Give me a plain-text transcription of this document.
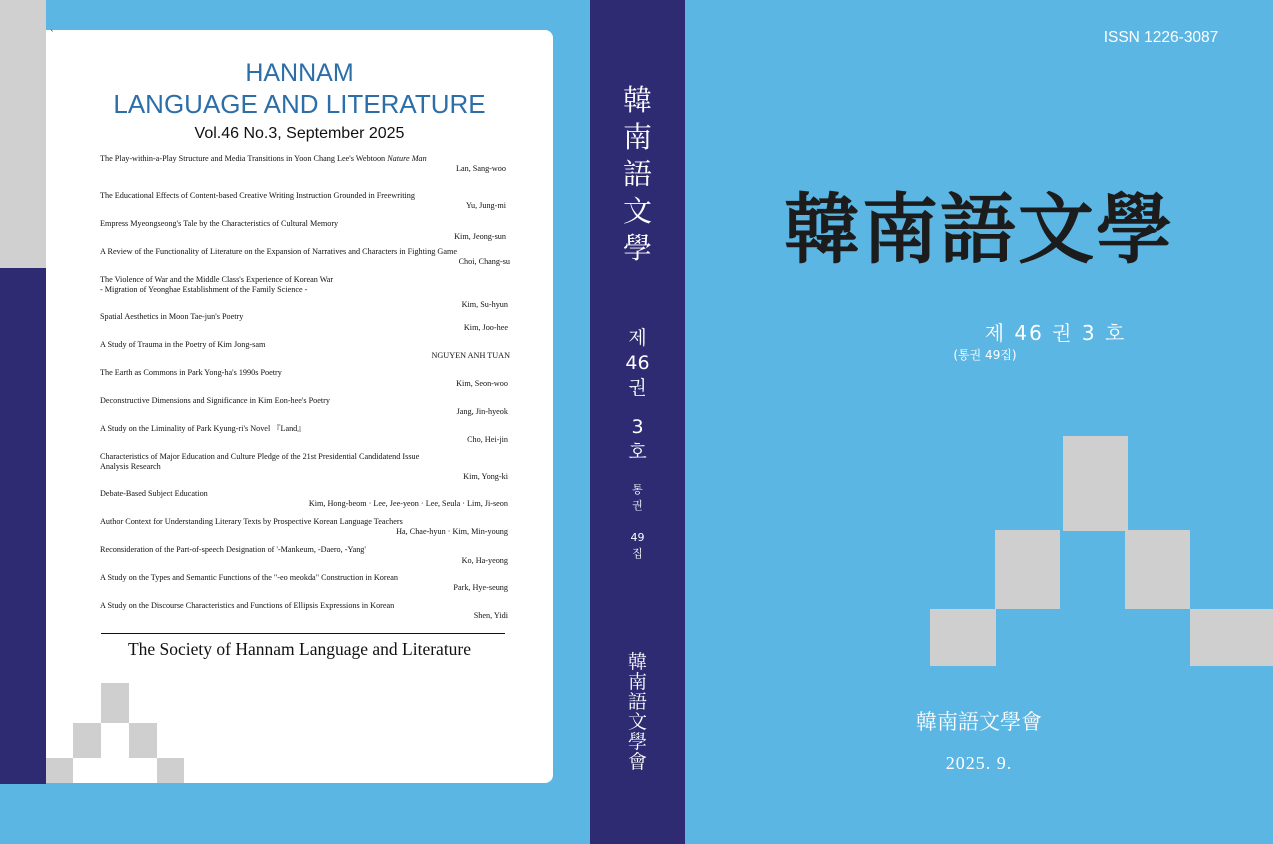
`
HANNAM
LANGUAGE AND LITERATURE
Vol.46 No.3, September 2025
The Play-within-a-Play Structure and Media Transitions in Yoon Chang Lee's Webtoon Nature Man
Lan, Sang-woo
The Educational Effects of Content-based Creative Writing Instruction Grounded in Freewriting
Yu, Jung-mi
Empress Myeongseong's Tale by the Characteristics of Cultural Memory
Kim, Jeong-sun
A Review of the Functionality of Literature on the Expansion of Narratives and Characters in Fighting Game
Choi, Chang-su
The Violence of War and the Middle Class's Experience of Korean War
- Migration of Yeonghae Establishment of the Family Science -
Kim, Su-hyun
Spatial Aesthetics in Moon Tae-jun's Poetry
Kim, Joo-hee
A Study of Trauma in the Poetry of Kim Jong-sam
NGUYEN ANH TUAN
The Earth as Commons in Park Yong-ha's 1990s Poetry
Kim, Seon-woo
Deconstructive Dimensions and Significance in Kim Eon-hee's Poetry
Jang, Jin-hyeok
A Study on the Liminality of Park Kyung-ri's Novel 『Land』
Cho, Hei-jin
Characteristics of Major Education and Culture Pledge of the 21st Presidential Candidatend Issue
Analysis Research
Kim, Yong-ki
Debate-Based Subject Education
Kim, Hong-beom · Lee, Jee-yeon · Lee, Seula · Lim, Ji-seon
Author Context for Understanding Literary Texts by Prospective Korean Language Teachers
Ha, Chae-hyun · Kim, Min-young
Reconsideration of the Part-of-speech Designation of '-Mankeum, -Daero, -Yang'
Ko, Ha-yeong
A Study on the Types and Semantic Functions of the "-eo meokda" Construction in Korean
Park, Hye-seung
A Study on the Discourse Characteristics and Functions of Ellipsis Expressions in Korean
Shen, Yidi
The Society of Hannam Language and Literature
韓
南
語
文
學
제
46
권
3
호
통
권
49
집
韓
南
語
文
學
會
ISSN 1226-3087
韓南語文學
제 46 권 3 호
(통권 49집)
韓南語文學會
2025. 9.
